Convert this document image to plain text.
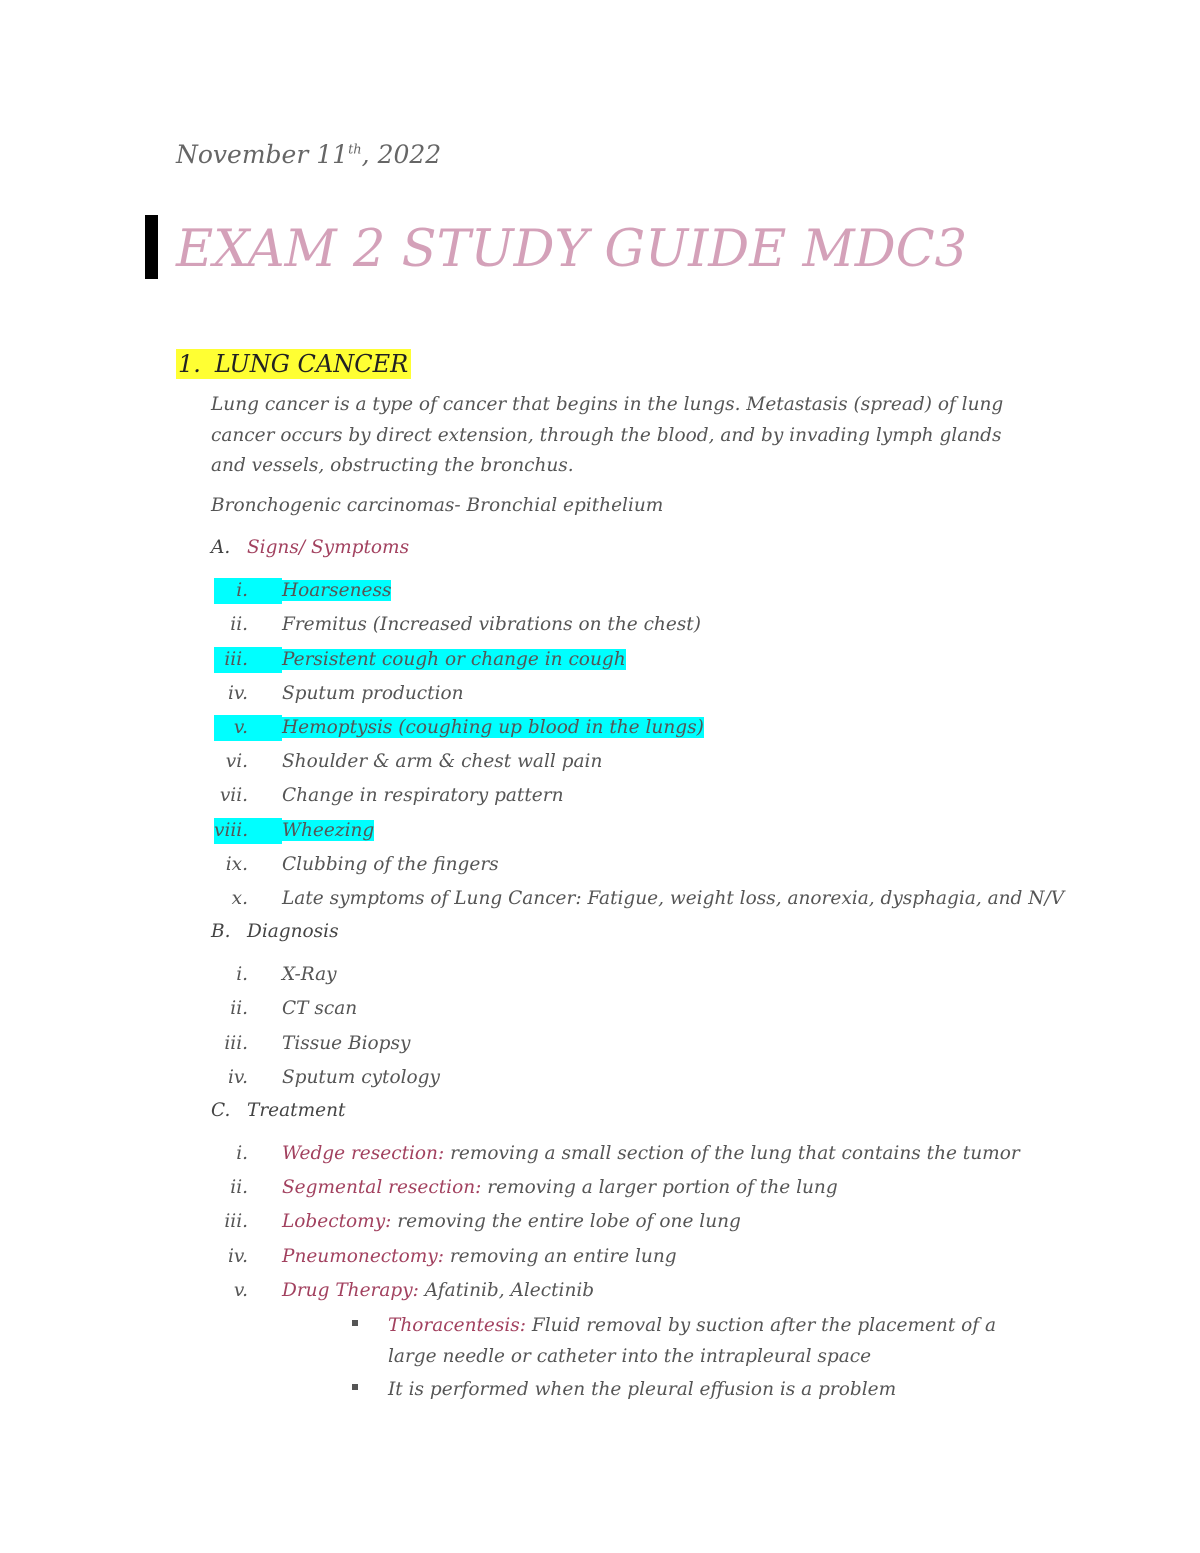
November 11th, 2022
EXAM 2 STUDY GUIDE MDC3
1. LUNG CANCER
Lung cancer is a type of cancer that begins in the lungs. Metastasis (spread) of lung cancer occurs by direct extension, through the blood, and by invading lymph glands and vessels, obstructing the bronchus.
Bronchogenic carcinomas- Bronchial epithelium
A. Signs/ Symptoms
i. Hoarseness
ii. Fremitus (Increased vibrations on the chest)
iii. Persistent cough or change in cough
iv. Sputum production
v. Hemoptysis (coughing up blood in the lungs)
vi. Shoulder & arm & chest wall pain
vii. Change in respiratory pattern
viii. Wheezing
ix. Clubbing of the fingers
x. Late symptoms of Lung Cancer: Fatigue, weight loss, anorexia, dysphagia, and N/V
B. Diagnosis
i. X-Ray
ii. CT scan
iii. Tissue Biopsy
iv. Sputum cytology
C. Treatment
i. Wedge resection: removing a small section of the lung that contains the tumor
ii. Segmental resection: removing a larger portion of the lung
iii. Lobectomy: removing the entire lobe of one lung
iv. Pneumonectomy: removing an entire lung
v. Drug Therapy: Afatinib, Alectinib
Thoracentesis: Fluid removal by suction after the placement of a large needle or catheter into the intrapleural space
It is performed when the pleural effusion is a problem
